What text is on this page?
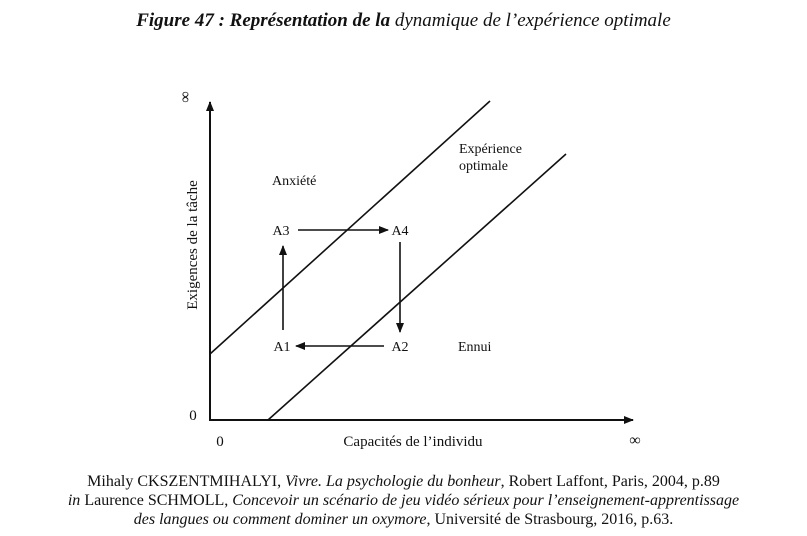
Figure 47 : Représentation de la dynamique de l’expérience optimale
Exigences de la tâche
Capacités de l’individu
∞
∞
0
0
Anxiété
Ennui
Expérience
optimale
A3	A4
A1	A2
Mihaly CKSZENTMIHALYI, Vivre. La psychologie du bonheur, Robert Laffont, Paris, 2004, p.89
in Laurence SCHMOLL, Concevoir un scénario de jeu vidéo sérieux pour l’enseignement-apprentissage
des langues ou comment dominer un oxymore, Université de Strasbourg, 2016, p.63.
